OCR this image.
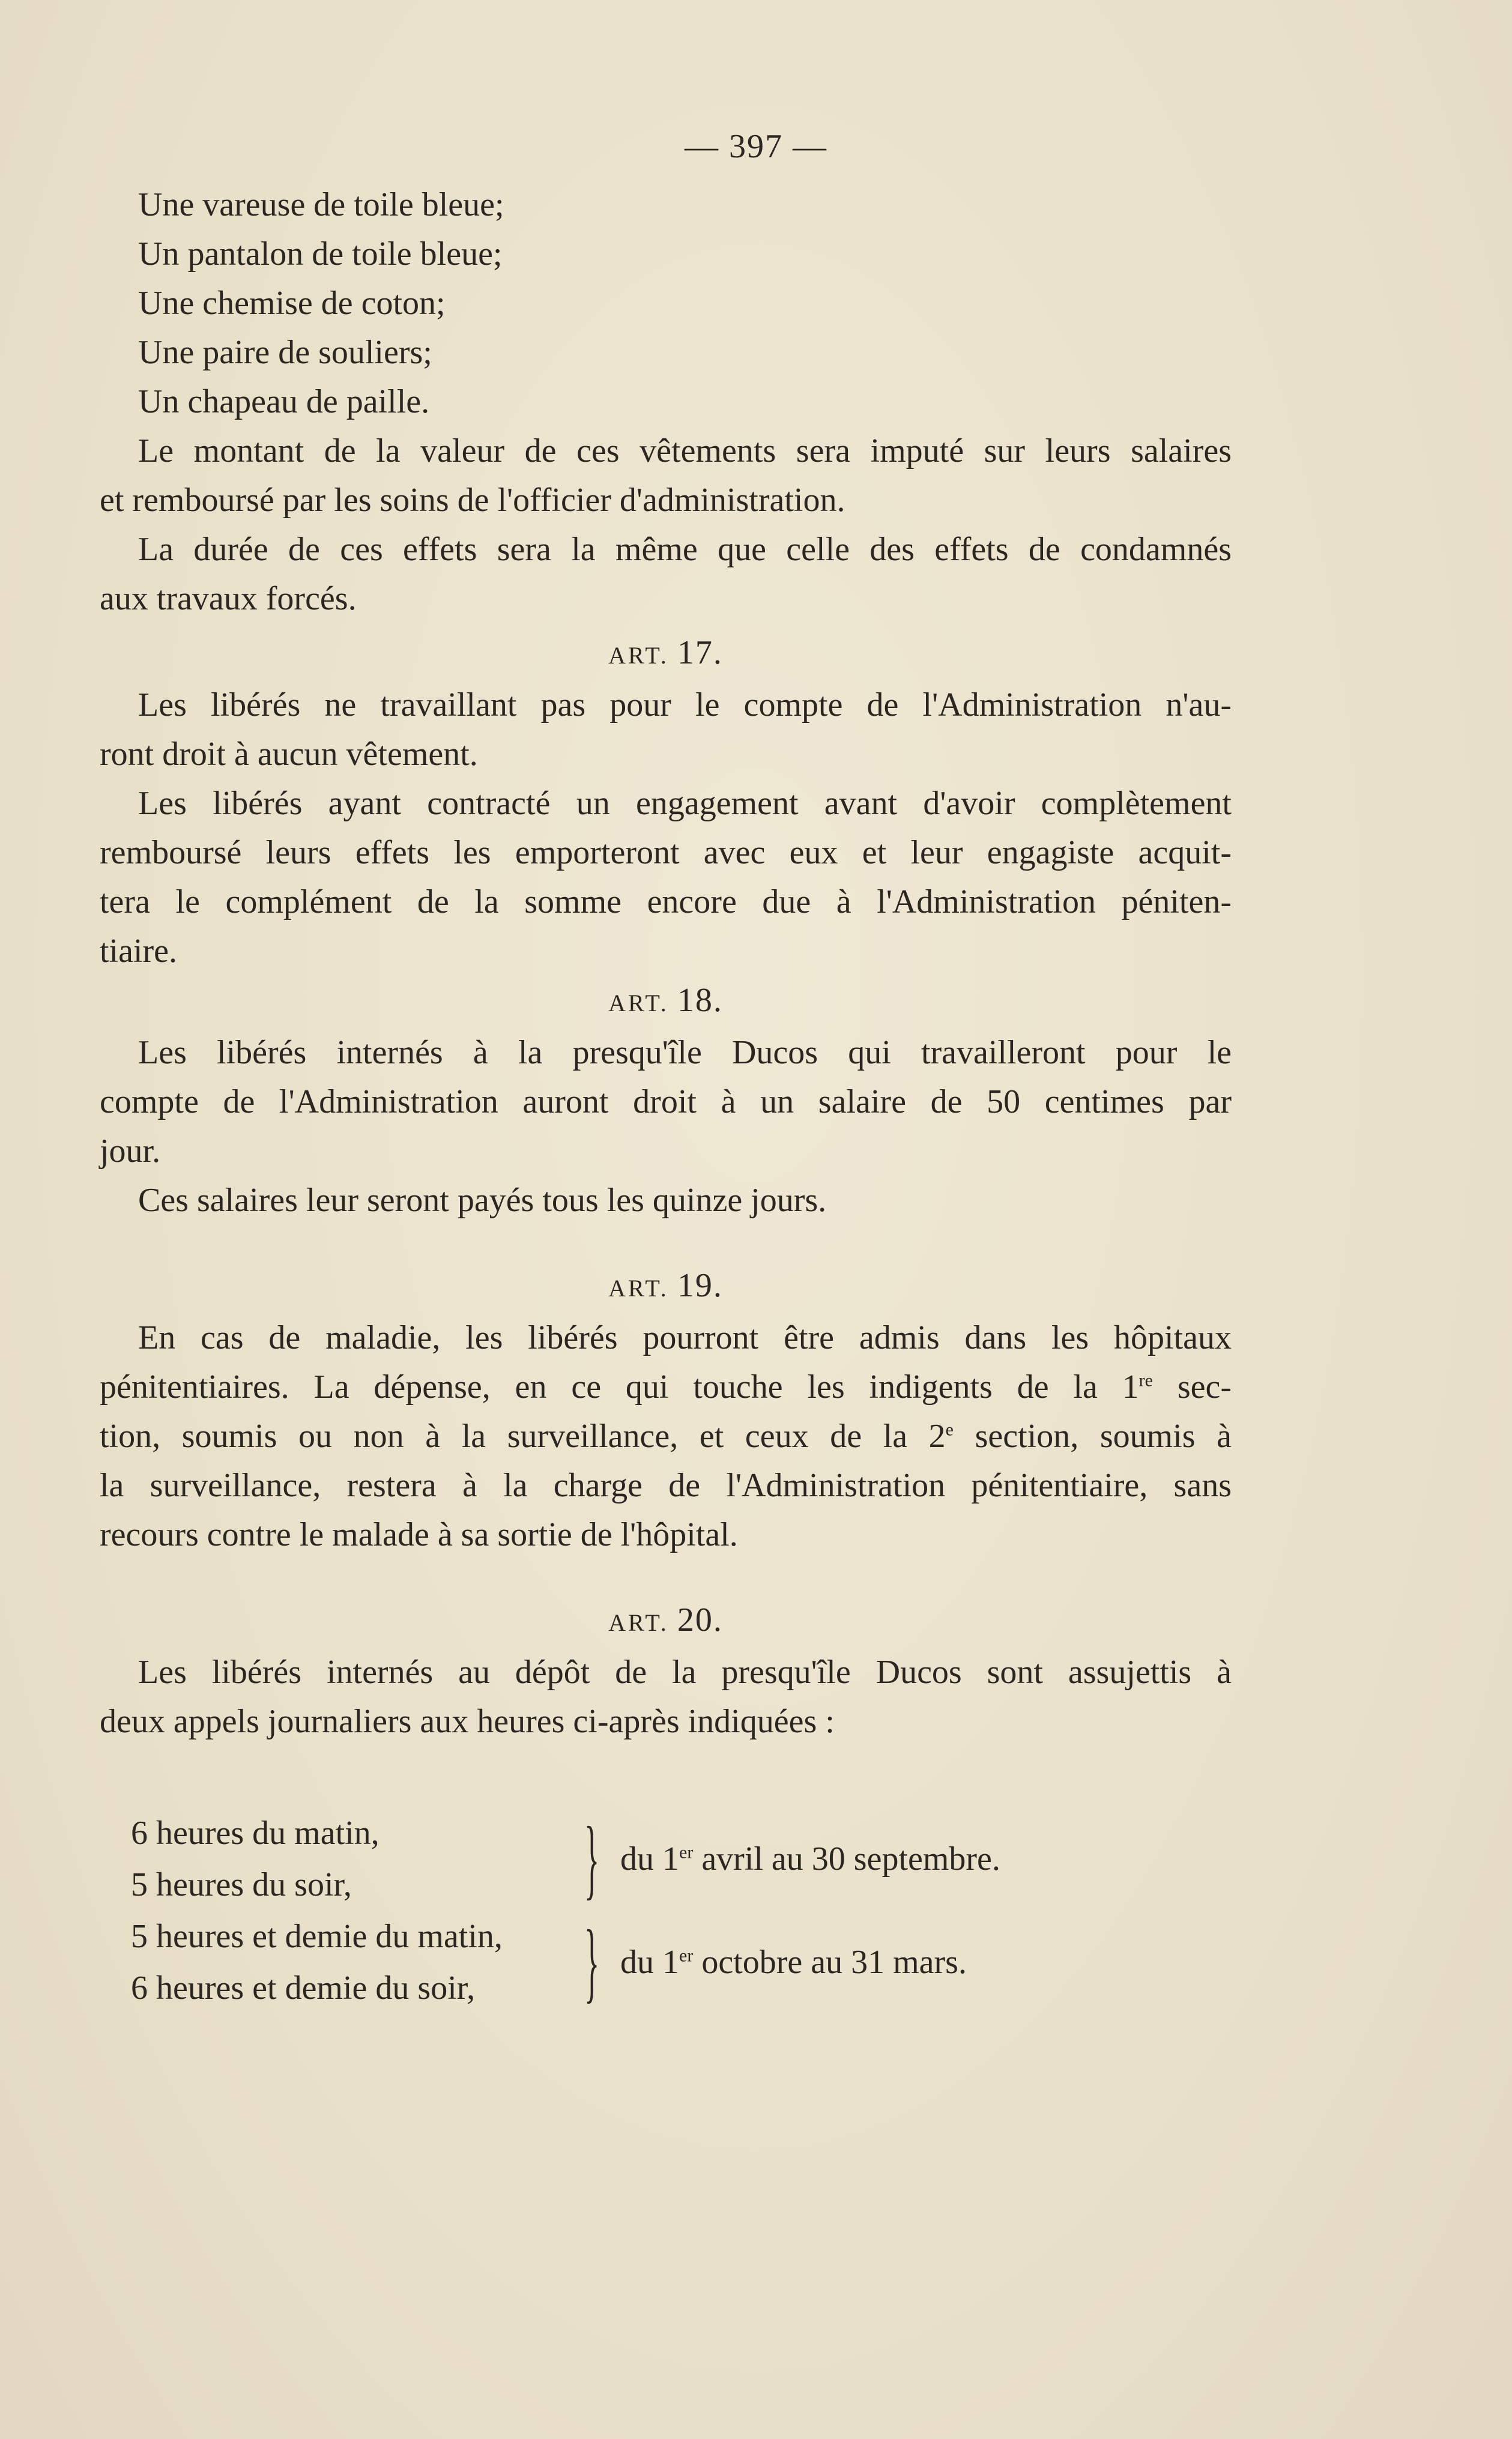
— 397 —
Une vareuse de toile bleue;
Un pantalon de toile bleue;
Une chemise de coton;
Une paire de souliers;
Un chapeau de paille.
Le montant de la valeur de ces vêtements sera imputé sur leurs salaires
et remboursé par les soins de l'officier d'administration.
La durée de ces effets sera la même que celle des effets de condamnés
aux travaux forcés.
ART. 17.
Les libérés ne travaillant pas pour le compte de l'Administration n'au-
ront droit à aucun vêtement.
Les libérés ayant contracté un engagement avant d'avoir complètement
remboursé leurs effets les emporteront avec eux et leur engagiste acquit-
tera le complément de la somme encore due à l'Administration péniten-
tiaire.
ART. 18.
Les libérés internés à la presqu'île Ducos qui travailleront pour le
compte de l'Administration auront droit à un salaire de 50 centimes par
jour.
Ces salaires leur seront payés tous les quinze jours.
ART. 19.
En cas de maladie, les libérés pourront être admis dans les hôpitaux
pénitentiaires. La dépense, en ce qui touche les indigents de la 1re sec-
tion, soumis ou non à la surveillance, et ceux de la 2e section, soumis à
la surveillance, restera à la charge de l'Administration pénitentiaire, sans
recours contre le malade à sa sortie de l'hôpital.
ART. 20.
Les libérés internés au dépôt de la presqu'île Ducos sont assujettis à
deux appels journaliers aux heures ci-après indiquées :
6 heures du matin,
5 heures du soir,	} du 1er avril au 30 septembre.
5 heures et demie du matin,
6 heures et demie du soir,	} du 1er octobre au 31 mars.
